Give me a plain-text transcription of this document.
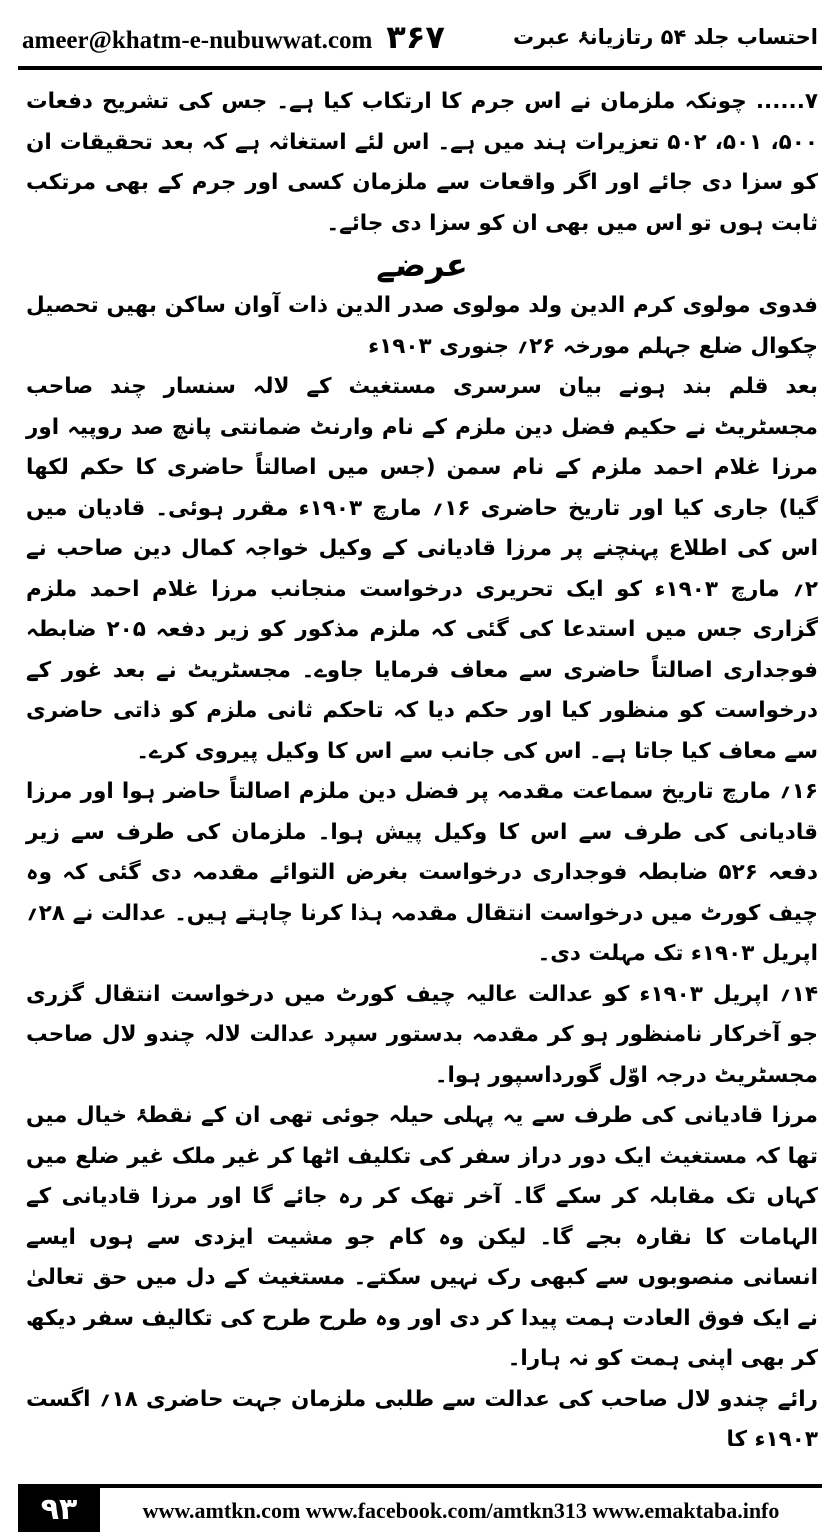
ameer@khatm-e-nubuwwat.com ۳۶۷	احتساب جلد ۵۴ رتازیانۂ عبرت

۷...... چونکہ ملزمان نے اس جرم کا ارتکاب کیا ہے۔ جس کی تشریح دفعات ۵۰۰، ۵۰۱، ۵۰۲ تعزیرات ہند میں ہے۔ اس لئے استغاثہ ہے کہ بعد تحقیقات ان کو سزا دی جائے اور اگر واقعات سے ملزمان کسی اور جرم کے بھی مرتکب ثابت ہوں تو اس میں بھی ان کو سزا دی جائے۔

عرضے

فدوی مولوی کرم الدین ولد مولوی صدر الدین ذات آوان ساکن بھیں تحصیل چکوال ضلع جہلم مورخہ ۲۶؍ جنوری ۱۹۰۳ء

بعد قلم بند ہونے بیان سرسری مستغیث کے لالہ سنسار چند صاحب مجسٹریٹ نے حکیم فضل دین ملزم کے نام وارنٹ ضمانتی پانچ صد روپیہ اور مرزا غلام احمد ملزم کے نام سمن (جس میں اصالتاً حاضری کا حکم لکھا گیا) جاری کیا اور تاریخ حاضری ۱۶؍ مارچ ۱۹۰۳ء مقرر ہوئی۔ قادیان میں اس کی اطلاع پہنچنے پر مرزا قادیانی کے وکیل خواجہ کمال دین صاحب نے ۲؍ مارچ ۱۹۰۳ء کو ایک تحریری درخواست منجانب مرزا غلام احمد ملزم گزاری جس میں استدعا کی گئی کہ ملزم مذکور کو زیر دفعہ ۲۰۵ ضابطہ فوجداری اصالتاً حاضری سے معاف فرمایا جاوے۔ مجسٹریٹ نے بعد غور کے درخواست کو منظور کیا اور حکم دیا کہ تاحکم ثانی ملزم کو ذاتی حاضری سے معاف کیا جاتا ہے۔ اس کی جانب سے اس کا وکیل پیروی کرے۔

۱۶؍ مارچ تاریخ سماعت مقدمہ پر فضل دین ملزم اصالتاً حاضر ہوا اور مرزا قادیانی کی طرف سے اس کا وکیل پیش ہوا۔ ملزمان کی طرف سے زیر دفعہ ۵۲۶ ضابطہ فوجداری درخواست بغرض التوائے مقدمہ دی گئی کہ وہ چیف کورٹ میں درخواست انتقال مقدمہ ہذا کرنا چاہتے ہیں۔ عدالت نے ۲۸؍ اپریل ۱۹۰۳ء تک مہلت دی۔

۱۴؍ اپریل ۱۹۰۳ء کو عدالت عالیہ چیف کورٹ میں درخواست انتقال گزری جو آخرکار نامنظور ہو کر مقدمہ بدستور سپرد عدالت لالہ چندو لال صاحب مجسٹریٹ درجہ اوّل گورداسپور ہوا۔

مرزا قادیانی کی طرف سے یہ پہلی حیلہ جوئی تھی ان کے نقطۂ خیال میں تھا کہ مستغیث ایک دور دراز سفر کی تکلیف اٹھا کر غیر ملک غیر ضلع میں کہاں تک مقابلہ کر سکے گا۔ آخر تھک کر رہ جائے گا اور مرزا قادیانی کے الہامات کا نقارہ بجے گا۔ لیکن وہ کام جو مشیت ایزدی سے ہوں ایسے انسانی منصوبوں سے کبھی رک نہیں سکتے۔ مستغیث کے دل میں حق تعالیٰ نے ایک فوق العادت ہمت پیدا کر دی اور وہ طرح طرح کی تکالیف سفر دیکھ کر بھی اپنی ہمت کو نہ ہارا۔

رائے چندو لال صاحب کی عدالت سے طلبی ملزمان جہت حاضری ۱۸؍ اگست ۱۹۰۳ء کا

۹۳	www.amtkn.com www.facebook.com/amtkn313 www.emaktaba.info
